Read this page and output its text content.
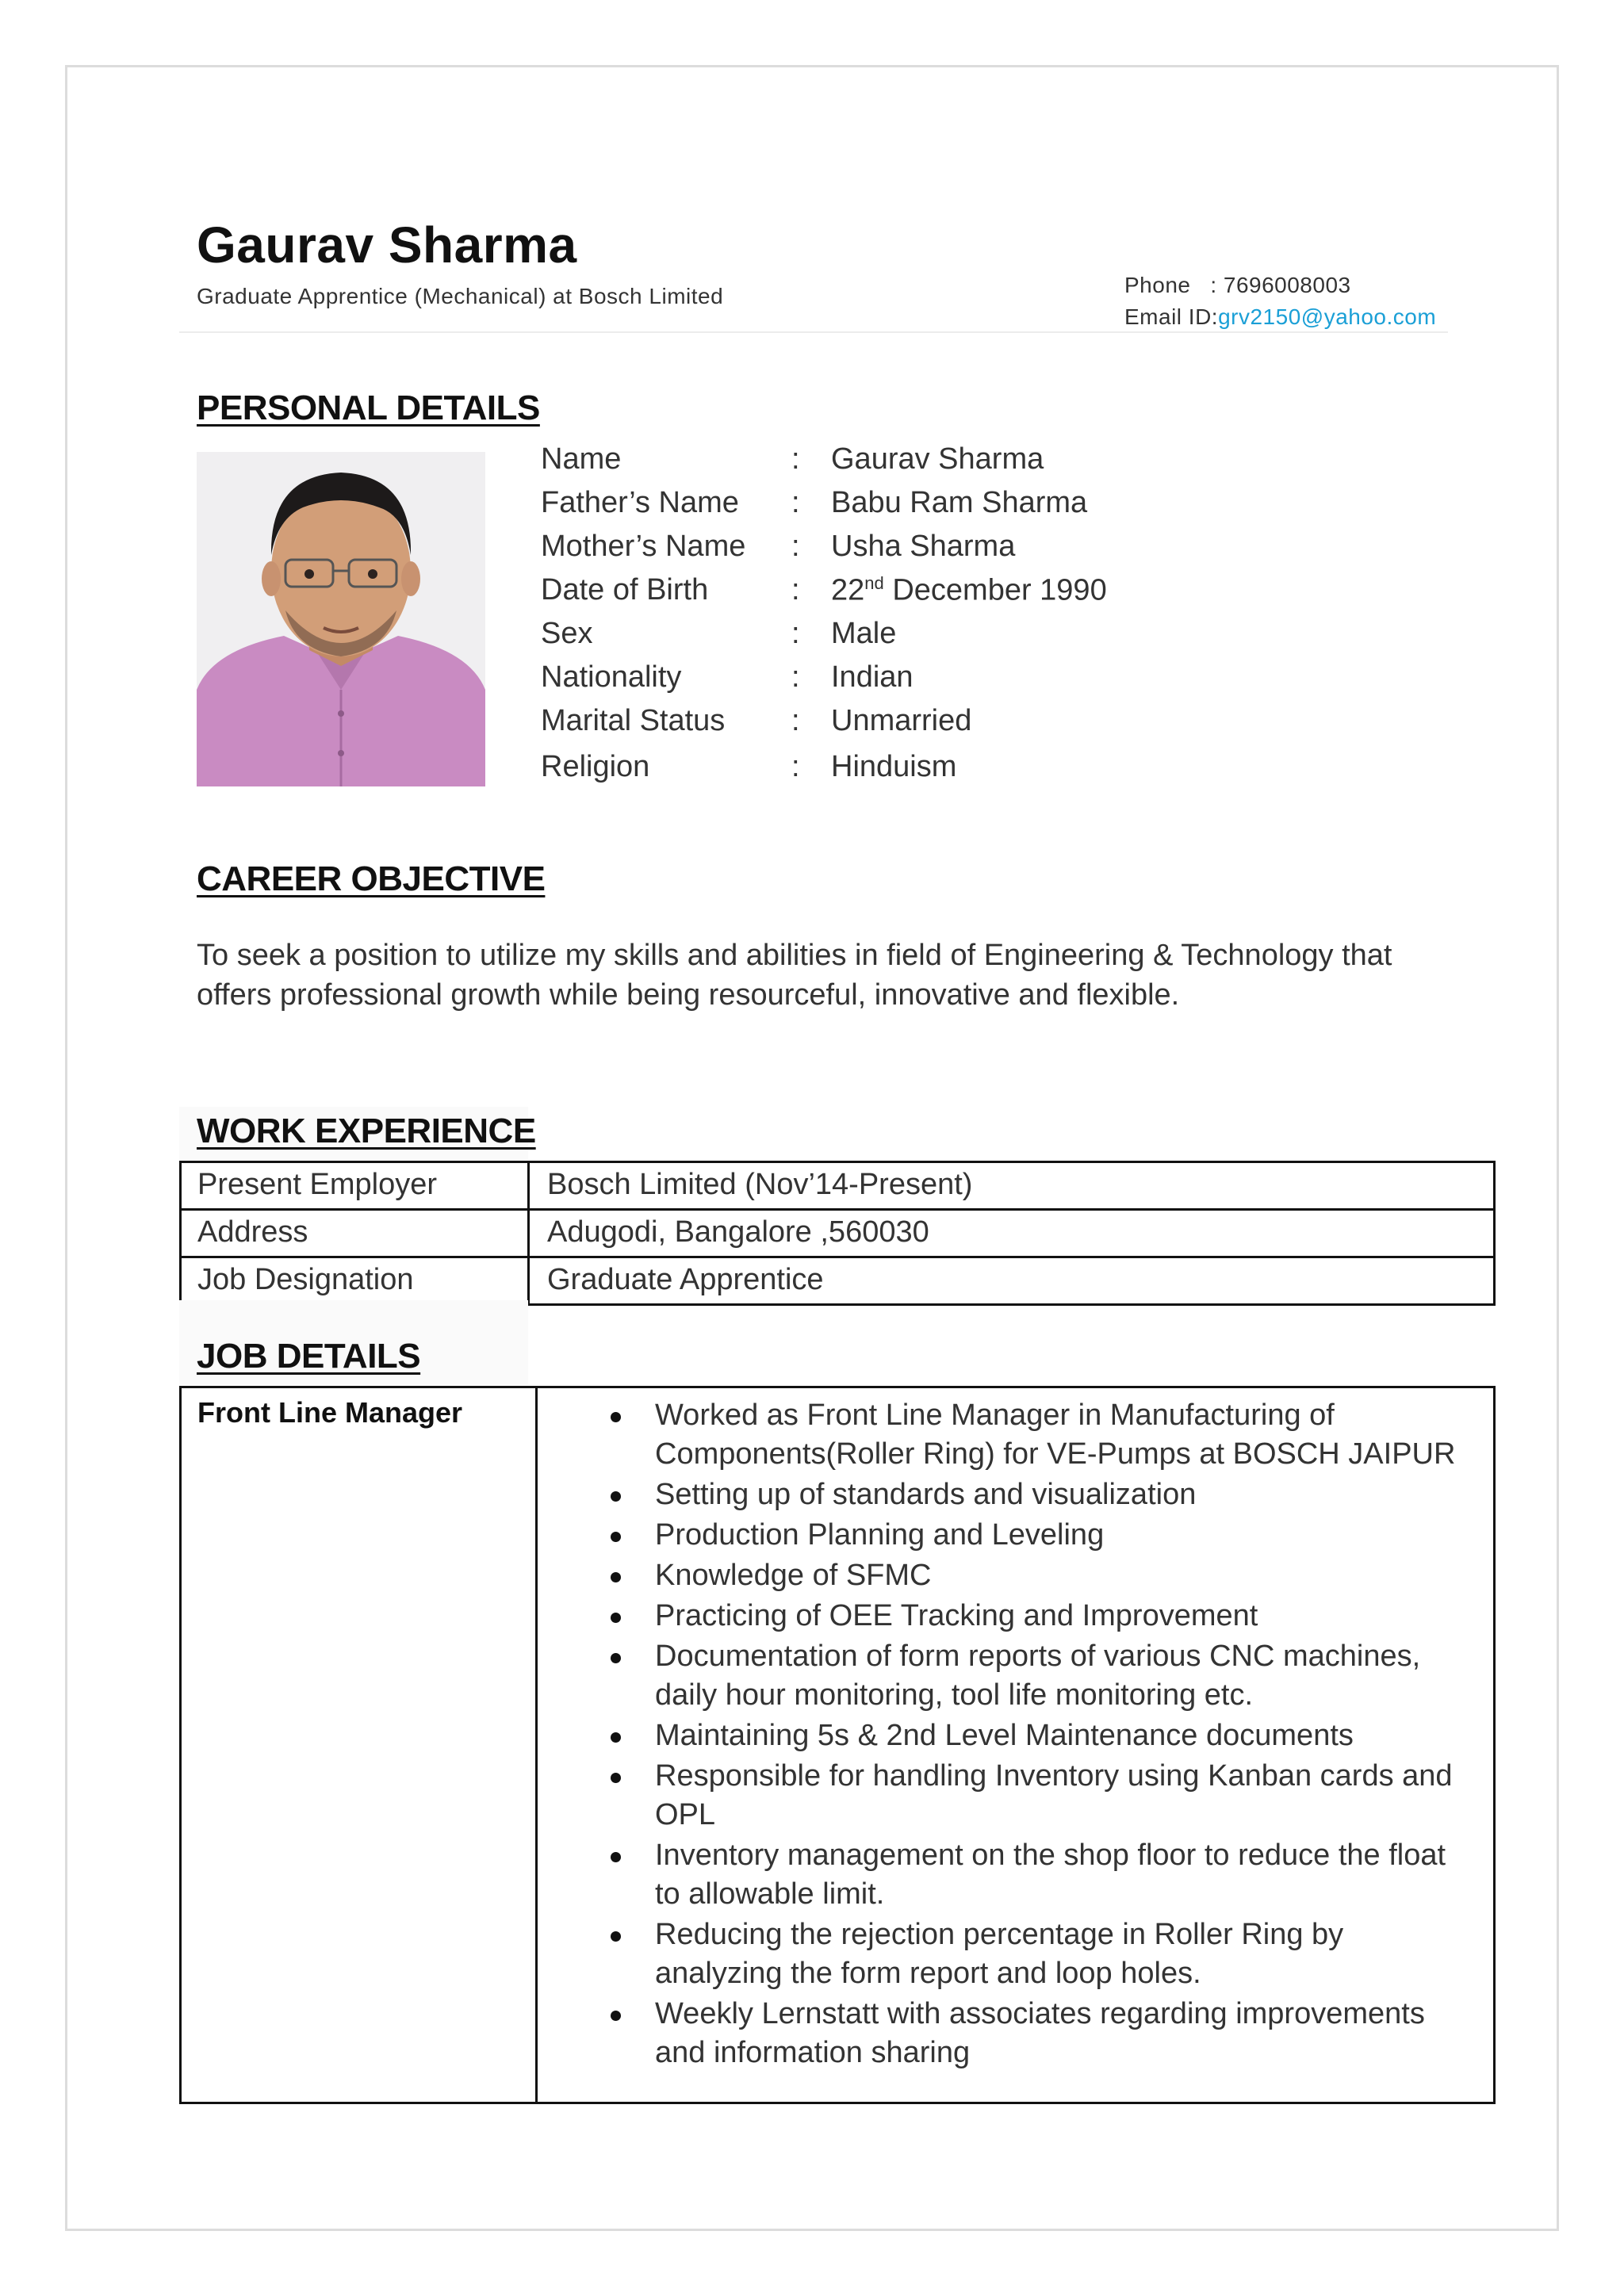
Gaurav Sharma
Graduate Apprentice (Mechanical) at Bosch Limited	Phone : 7696008003
Email ID:grv2150@yahoo.com
PERSONAL DETAILS
Name	: Gaurav Sharma
Father’s Name : Babu Ram Sharma
Mother’s Name : Usha Sharma
Date of Birth	: 22nd December 1990
Sex	: Male
Nationality	: Indian
Marital Status : Unmarried
Religion	: Hinduism
CAREER OBJECTIVE
To seek a position to utilize my skills and abilities in field of Engineering & Technology that offers professional growth while being resourceful, innovative and flexible.
WORK EXPERIENCE
Present Employer	Bosch Limited (Nov’14-Present)
Address	Adugodi, Bangalore ,560030
Job Designation	Graduate Apprentice
JOB DETAILS
Front Line Manager	Worked as Front Line Manager in Manufacturing of Components(Roller Ring) for VE-Pumps at BOSCH JAIPUR
Setting up of standards and visualization
Production Planning and Leveling
Knowledge of SFMC
Practicing of OEE Tracking and Improvement
Documentation of form reports of various CNC machines, daily hour monitoring, tool life monitoring etc.
Maintaining 5s & 2nd Level Maintenance documents
Responsible for handling Inventory using Kanban cards and OPL
Inventory management on the shop floor to reduce the float to allowable limit.
Reducing the rejection percentage in Roller Ring by analyzing the form report and loop holes.
Weekly Lernstatt with associates regarding improvements and information sharing
